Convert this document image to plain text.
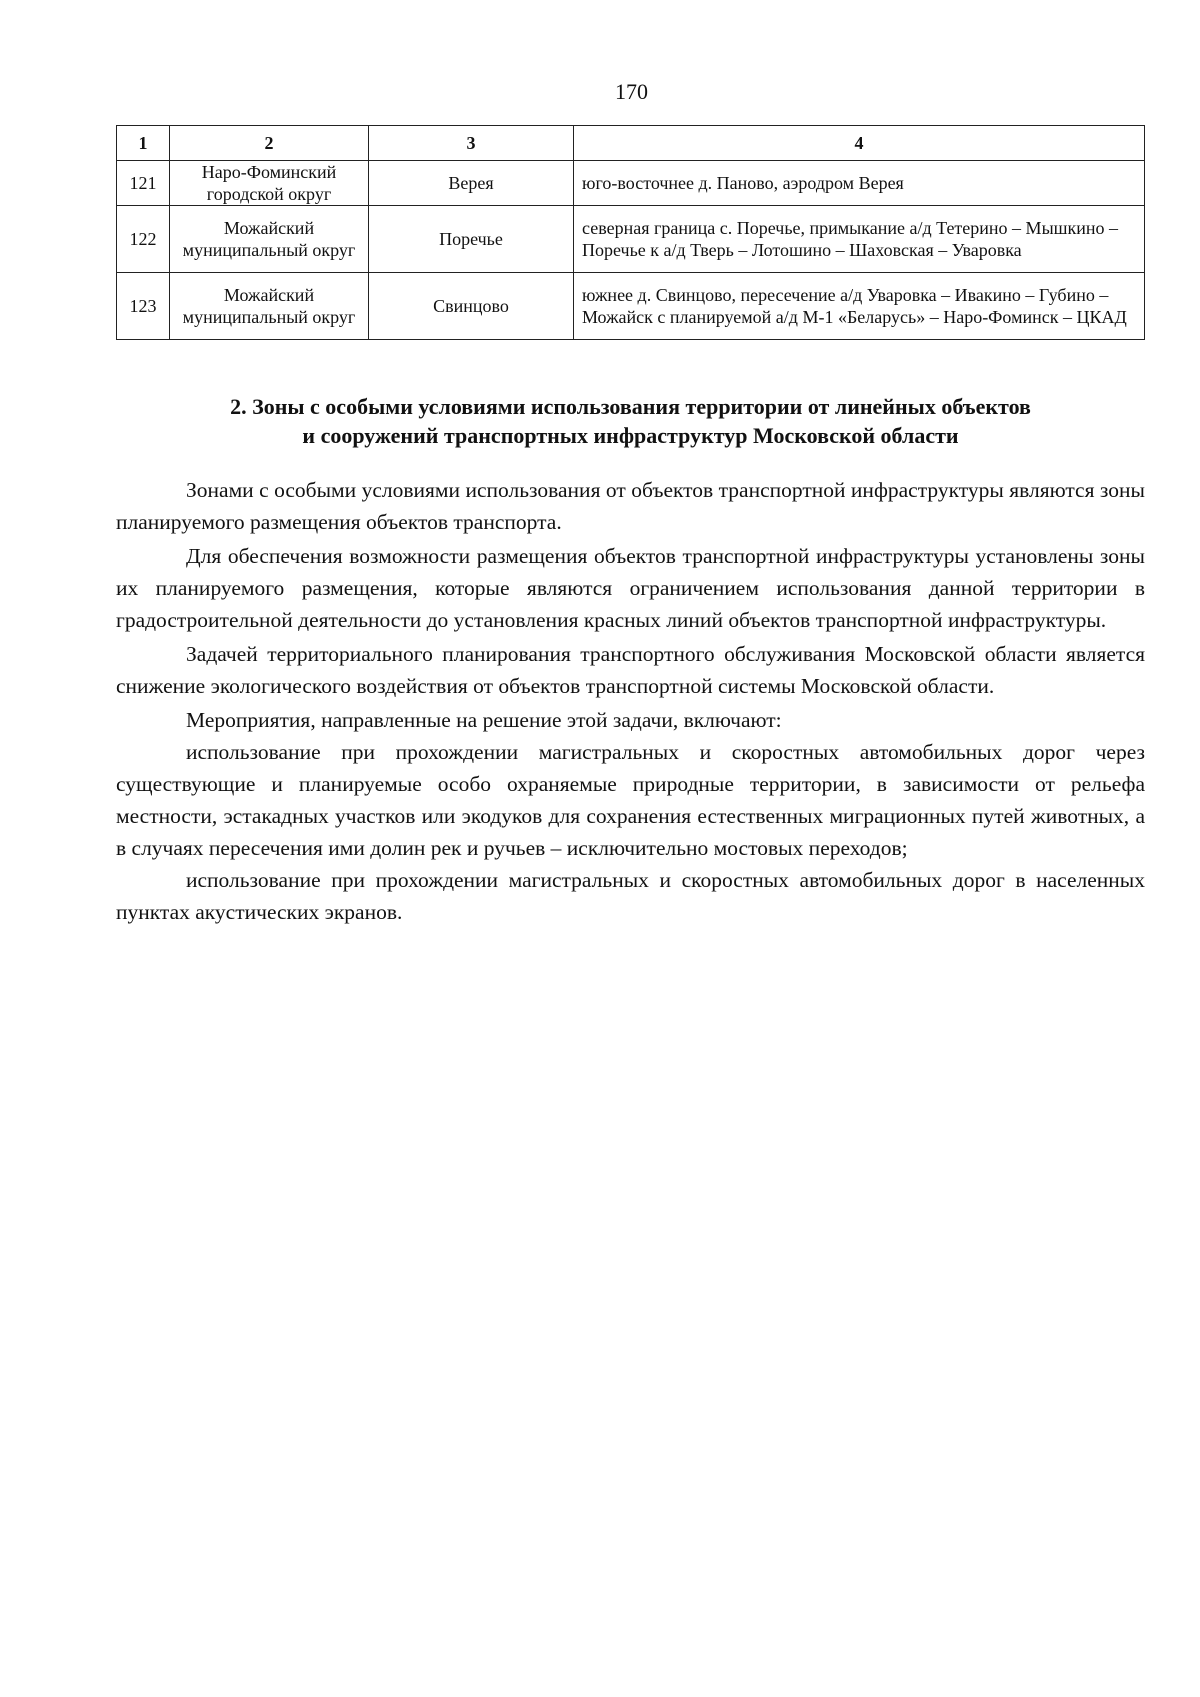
170
1	2	3	4
121	Наро-Фоминский городской округ	Верея	юго-восточнее д. Паново, аэродром Верея
122	Можайский муниципальный округ	Поречье	северная граница с. Поречье, примыкание а/д Тетерино – Мышкино – Поречье к а/д Тверь – Лотошино – Шаховская – Уваровка
123	Можайский муниципальный округ	Свинцово	южнее д. Свинцово, пересечение а/д Уваровка – Ивакино – Губино – Можайск с планируемой а/д М-1 «Беларусь» – Наро-Фоминск – ЦКАД
2. Зоны с особыми условиями использования территории от линейных объектов
и сооружений транспортных инфраструктур Московской области

Зонами с особыми условиями использования от объектов транспортной инфраструктуры являются зоны планируемого размещения объектов транспорта.

Для обеспечения возможности размещения объектов транспортной инфраструктуры установлены зоны их планируемого размещения, которые являются ограничением использования данной территории в градостроительной деятельности до установления красных линий объектов транспортной инфраструктуры.

Задачей территориального планирования транспортного обслуживания Московской области является снижение экологического воздействия от объектов транспортной системы Московской области.

Мероприятия, направленные на решение этой задачи, включают:

использование при прохождении магистральных и скоростных автомобильных дорог через существующие и планируемые особо охраняемые природные территории, в зависимости от рельефа местности, эстакадных участков или экодуков для сохранения естественных миграционных путей животных, а в случаях пересечения ими долин рек и ручьев – исключительно мостовых переходов;

использование при прохождении магистральных и скоростных автомобильных дорог в населенных пунктах акустических экранов.
